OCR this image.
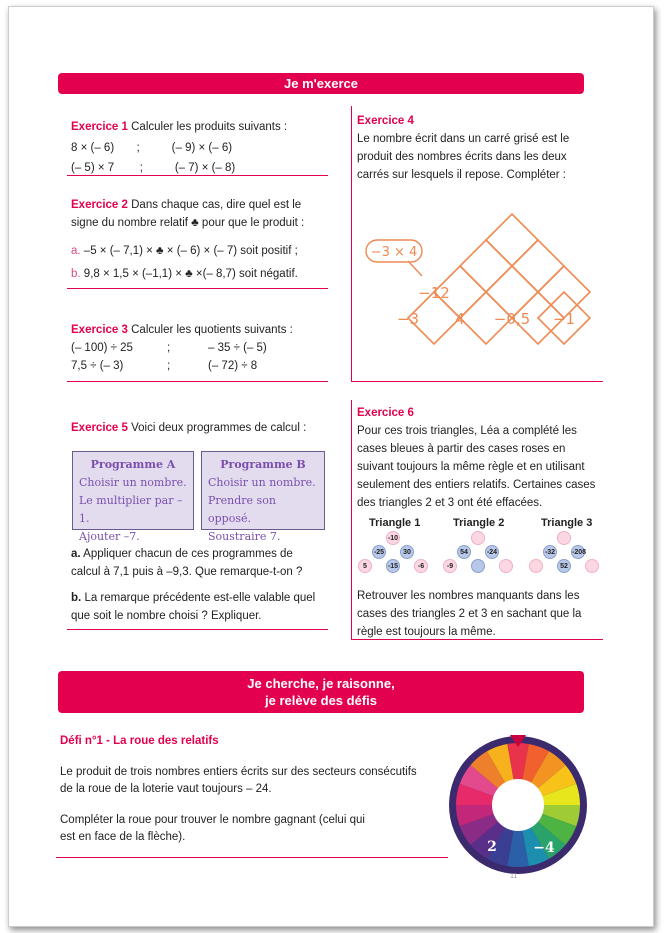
Je m'exerce
Exercice 1 Calculer les produits suivants :
8 × (– 6)       ;          (– 9) × (– 6)
(– 5) × 7        ;          (– 7) × (– 8)
Exercice 2 Dans chaque cas, dire quel est le
signe du nombre relatif ♣ pour que le produit :
a. –5 × (– 7,1) × ♣ × (– 6) × (– 7) soit positif ;
b. 9,8 × 1,5 × (–1,1) × ♣ ×(– 8,7) soit négatif.
Exercice 3 Calculer les quotients suivants :
(– 100) ÷ 25	;	– 35 ÷ (– 5)
7,5 ÷ (– 3)	;	(– 72) ÷ 8
Exercice 4
Le nombre écrit dans un carré grisé est le
produit des nombres écrits dans les deux
carrés sur lesquels il repose. Compléter :
−3 × 4
−12
−3 4 −0,5 −1
Exercice 5 Voici deux programmes de calcul :
Programme A
Choisir un nombre.
Le multiplier par –1.
Ajouter –7.
Programme B
Choisir un nombre.
Prendre son opposé.
Soustraire 7.
a. Appliquer chacun de ces programmes de
calcul à 7,1 puis à –9,3. Que remarque-t-on ?
b. La remarque précédente est-elle valable quel
que soit le nombre choisi ? Expliquer.
Exercice 6
Pour ces trois triangles, Léa a complété les
cases bleues à partir des cases roses en
suivant toujours la même règle et en utilisant
seulement des entiers relatifs. Certaines cases
des triangles 2 et 3 ont été effacées.
Triangle 1	Triangle 2	Triangle 3
-10
-25	30
5	-15	-6
54	-24
-9
-32 -208
52
Retrouver les nombres manquants dans les
cases des triangles 2 et 3 en sachant que la
règle est toujours la même.
Je cherche, je raisonne,
je relève des défis
Défi n°1 - La roue des relatifs
Le produit de trois nombres entiers écrits sur des secteurs consécutifs
de la roue de la loterie vaut toujours – 24.
Compléter la roue pour trouver le nombre gagnant (celui qui
est en face de la flèche).
2	−4
11
